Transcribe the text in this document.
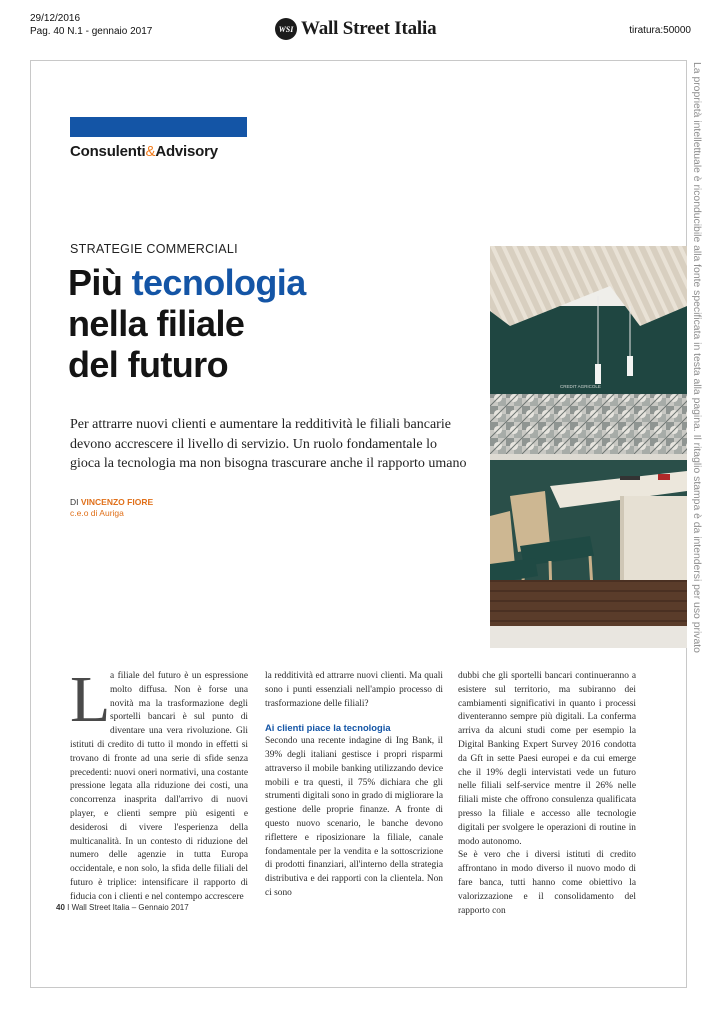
29/12/2016
Pag. 40 N.1 - gennaio 2017	WSI Wall Street Italia	tiratura:50000
La proprietà intellettuale è riconducibile alla fonte specificata in testa alla pagina. Il ritaglio stampa è da intendersi per uso privato
Consulenti&Advisory
STRATEGIE COMMERCIALI
Più tecnologia
nella filiale
del futuro
Per attrarre nuovi clienti e aumentare la redditività le filiali bancarie devono accrescere il livello di servizio. Un ruolo fondamentale lo gioca la tecnologia ma non bisogna trascurare anche il rapporto umano
DI VINCENZO FIORE
c.e.o di Auriga
CREDIT AGRICOLE
L a filiale del futuro è un espressione molto diffusa. Non è forse una novità ma la trasformazione degli sportelli bancari è sul punto di diventare una vera rivoluzione. Gli istituti di credito di tutto il mondo in effetti si trovano di fronte ad una serie di sfide senza precedenti: nuovi oneri normativi, una costante pressione legata alla riduzione dei costi, una concorrenza inasprita dall'arrivo di nuovi player, e clienti sempre più esigenti e desiderosi di vivere l'esperienza della multicanalità. In un contesto di riduzione del numero delle agenzie in tutta Europa occidentale, e non solo, la sfida delle filiali del futuro è triplice: intensificare il rapporto di fiducia con i clienti e nel contempo accrescere

la redditività ed attrarre nuovi clienti. Ma quali sono i punti essenziali nell'ampio processo di trasformazione delle filiali?

Ai clienti piace la tecnologia

Secondo una recente indagine di Ing Bank, il 39% degli italiani gestisce i propri risparmi attraverso il mobile banking utilizzando device mobili e tra questi, il 75% dichiara che gli strumenti digitali sono in grado di migliorare la gestione delle proprie finanze. A fronte di questo nuovo scenario, le banche devono riflettere e riposizionare la filiale, canale fondamentale per la vendita e la sottoscrizione di prodotti finanziari, all'interno della strategia distributiva e dei rapporti con la clientela. Non ci sono

dubbi che gli sportelli bancari continueranno a esistere sul territorio, ma subiranno dei cambiamenti significativi in quanto i processi diventeranno sempre più digitali. La conferma arriva da alcuni studi come per esempio la Digital Banking Expert Survey 2016 condotta da Gft in sette Paesi europei e da cui emerge che il 19% degli intervistati vede un futuro nelle filiali self-service mentre il 26% nelle filiali miste che offrono consulenza qualificata presso la filiale e accesso alle tecnologie digitali per svolgere le operazioni di routine in modo autonomo.

Se è vero che i diversi istituti di credito affrontano in modo diverso il nuovo modo di fare banca, tutti hanno come obiettivo la valorizzazione e il consolidamento del rapporto con

40 I Wall Street Italia – Gennaio 2017
